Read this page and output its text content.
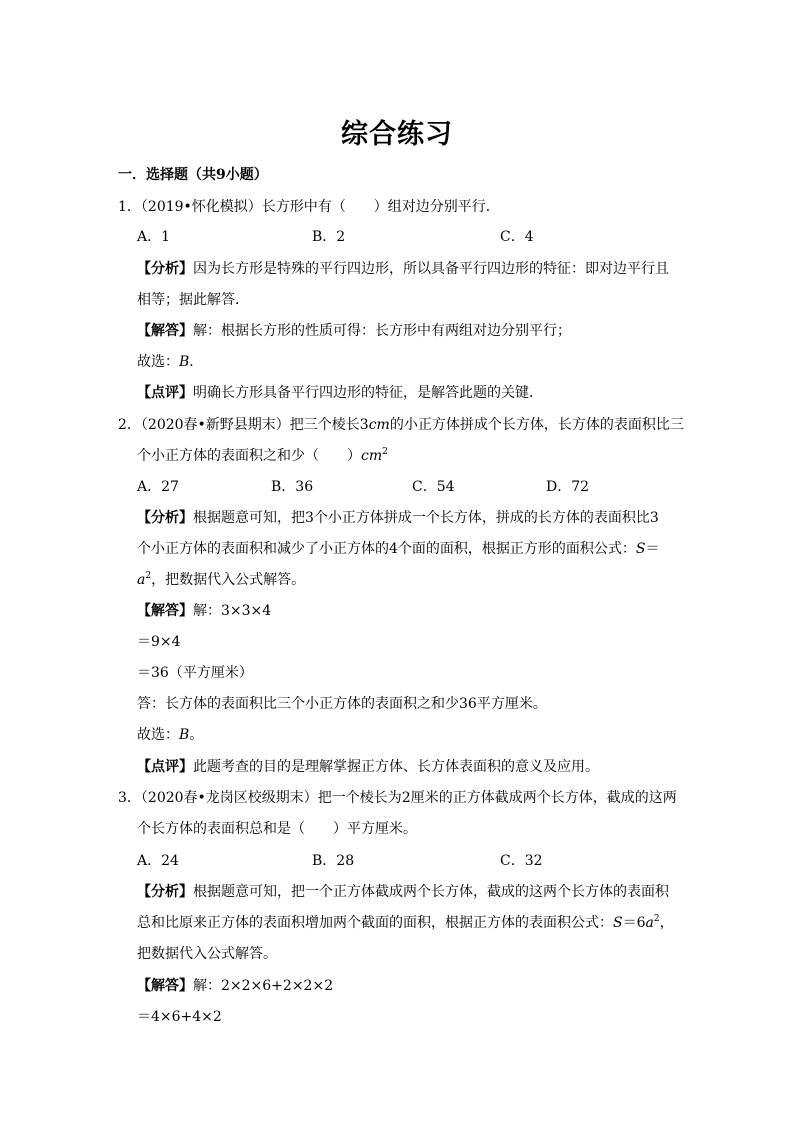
综合练习
一．选择题（共9小题）
1．（2019•怀化模拟）长方形中有（　　）组对边分别平行．
A．1	B．2	C．4
【分析】因为长方形是特殊的平行四边形，所以具备平行四边形的特征：即对边平行且
相等；据此解答．
【解答】解：根据长方形的性质可得：长方形中有两组对边分别平行；
故选：B．
【点评】明确长方形具备平行四边形的特征，是解答此题的关键．
2．（2020春•新野县期末）把三个棱长3cm的小正方体拼成个长方体，长方体的表面积比三
个小正方体的表面积之和少（　　）$cm^2$
A．27	B．36	C．54	D．72
【分析】根据题意可知，把3个小正方体拼成一个长方体，拼成的长方体的表面积比3
个小正方体的表面积和减少了小正方体的4个面的面积，根据正方形的面积公式：S＝
$a^2$，把数据代入公式解答。
【解答】解：3×3×4
＝9×4
＝36（平方厘米）
答：长方体的表面积比三个小正方体的表面积之和少36平方厘米。
故选：B。
【点评】此题考查的目的是理解掌握正方体、长方体表面积的意义及应用。
3．（2020春•龙岗区校级期末）把一个棱长为2厘米的正方体截成两个长方体，截成的这两
个长方体的表面积总和是（　　）平方厘米。
A．24	B．28	C．32
【分析】根据题意可知，把一个正方体截成两个长方体，截成的这两个长方体的表面积
总和比原来正方体的表面积增加两个截面的面积，根据正方体的表面积公式：$S=6a^2$，
把数据代入公式解答。
【解答】解：2×2×6+2×2×2
＝4×6+4×2
